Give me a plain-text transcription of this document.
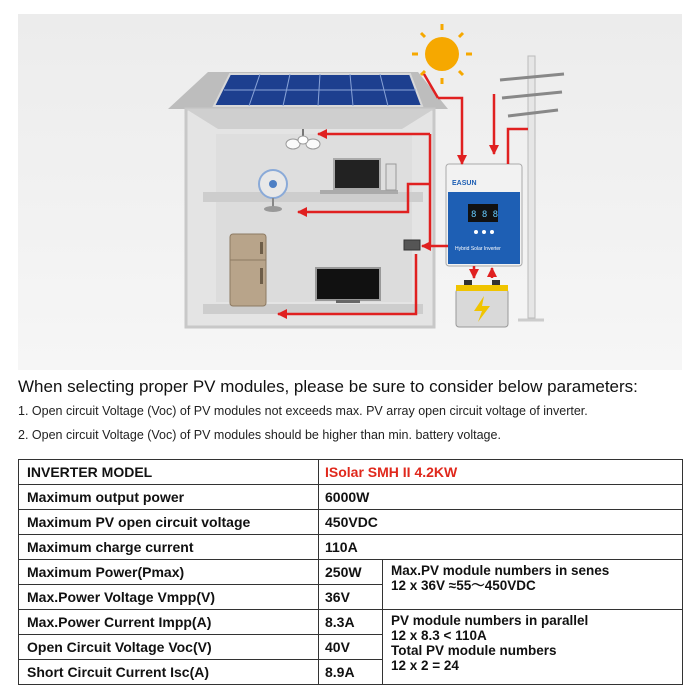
EASUN
8 8 8
Hybrid Solar Inverter
When selecting proper PV modules, please be sure to consider below parameters:
1. Open circuit Voltage (Voc) of PV modules not exceeds max. PV array open circuit voltage of inverter.
2. Open circuit Voltage (Voc) of PV modules should be higher than min. battery voltage.
INVERTER MODEL	ISolar SMH II 4.2KW	
Maximum output power	6000W	
Maximum PV open circuit voltage	450VDC	
Maximum charge current	110A	
Maximum Power(Pmax)	250W	Max.PV module numbers in senes
12 x 36V ≈55～450VDC

Max.Power Voltage Vmpp(V)	36V	
Max.Power Current Impp(A)	8.3A	PV module numbers in parallel
12 x 8.3 < 110A
Total PV module numbers
12 x 2 = 24

Open Circuit Voltage Voc(V)	40V	
Short Circuit Current Isc(A)	8.9A	
